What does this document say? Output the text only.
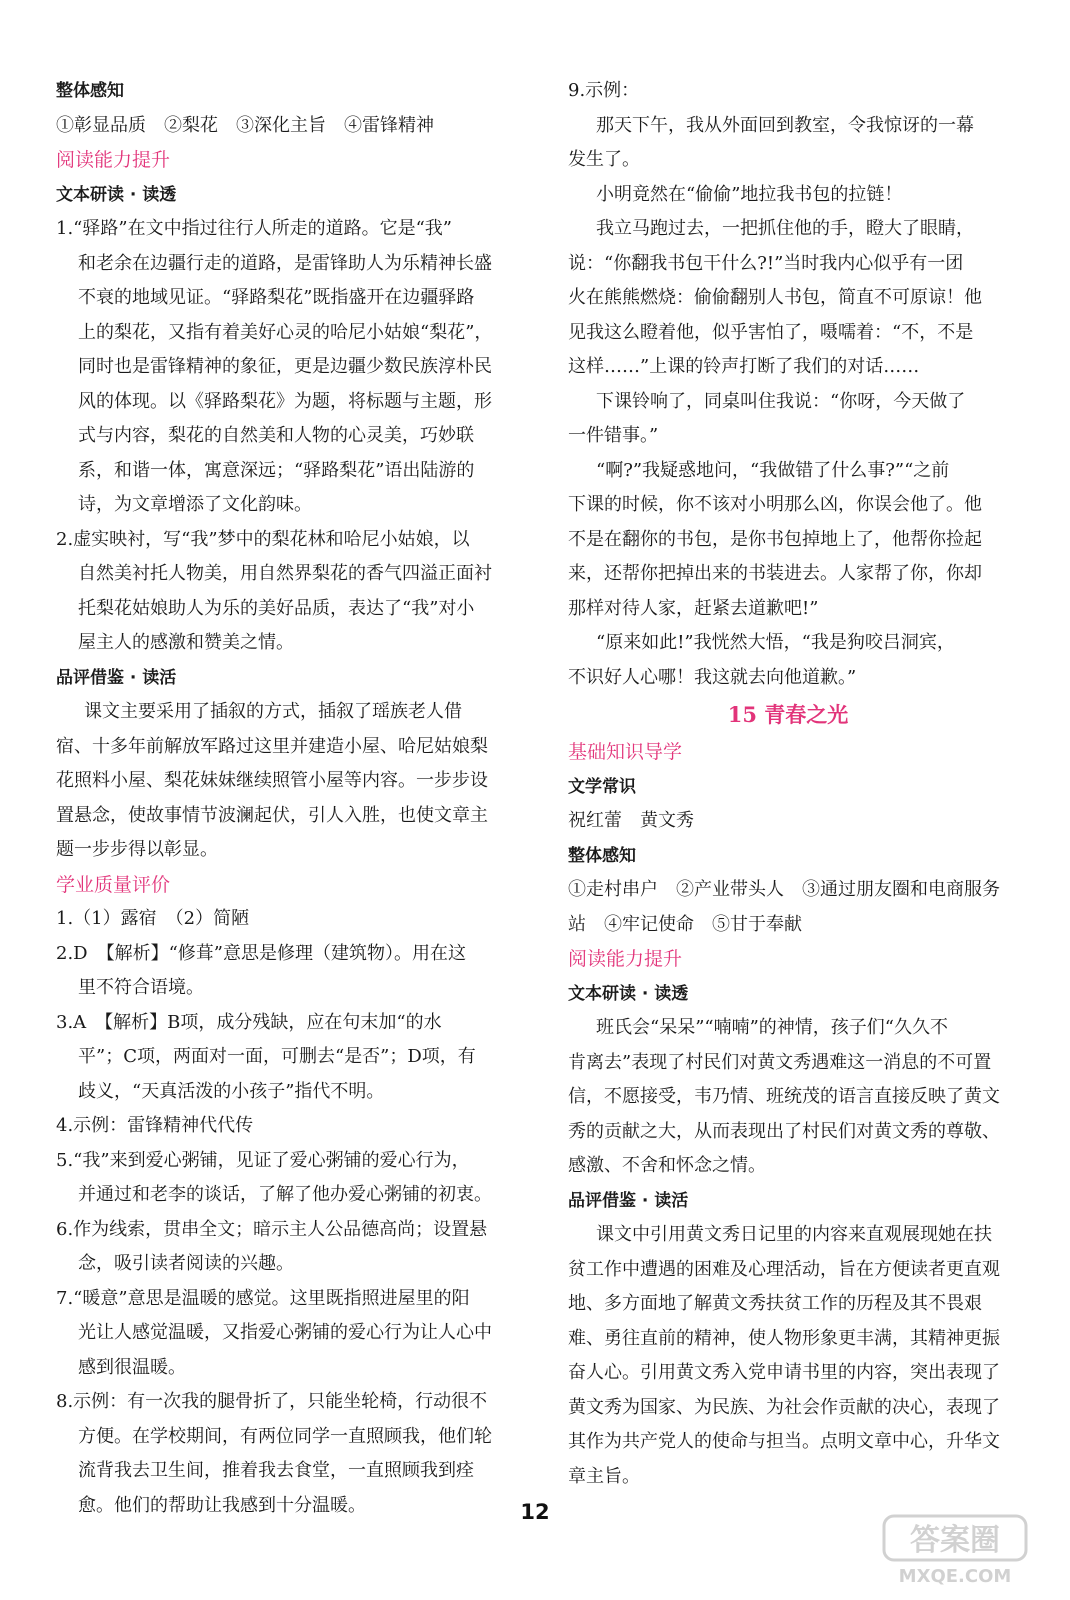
整体感知
①彰显品质　②梨花　③深化主旨　④雷锋精神
阅读能力提升
文本研读 · 读透
1.“驿路”在文中指过往行人所走的道路。它是“我”
和老余在边疆行走的道路，是雷锋助人为乐精神长盛
不衰的地域见证。“驿路梨花”既指盛开在边疆驿路
上的梨花，又指有着美好心灵的哈尼小姑娘“梨花”，
同时也是雷锋精神的象征，更是边疆少数民族淳朴民
风的体现。以《驿路梨花》为题，将标题与主题，形
式与内容，梨花的自然美和人物的心灵美，巧妙联
系，和谐一体，寓意深远；“驿路梨花”语出陆游的
诗，为文章增添了文化韵味。
2.虚实映衬，写“我”梦中的梨花林和哈尼小姑娘，以
自然美衬托人物美，用自然界梨花的香气四溢正面衬
托梨花姑娘助人为乐的美好品质，表达了“我”对小
屋主人的感激和赞美之情。
品评借鉴 · 读活
课文主要采用了插叙的方式，插叙了瑶族老人借
宿、十多年前解放军路过这里并建造小屋、哈尼姑娘梨
花照料小屋、梨花妹妹继续照管小屋等内容。一步步设
置悬念，使故事情节波澜起伏，引人入胜，也使文章主
题一步步得以彰显。
学业质量评价
1.（1）露宿　（2）简陋
2.D　【解析】“修葺”意思是修理（建筑物）。用在这
里不符合语境。
3.A　【解析】B项，成分残缺，应在句末加“的水
平”；C项，两面对一面，可删去“是否”；D项，有
歧义，“天真活泼的小孩子”指代不明。
4.示例：雷锋精神代代传
5.“我”来到爱心粥铺，见证了爱心粥铺的爱心行为，
并通过和老李的谈话，了解了他办爱心粥铺的初衷。
6.作为线索，贯串全文；暗示主人公品德高尚；设置悬
念，吸引读者阅读的兴趣。
7.“暖意”意思是温暖的感觉。这里既指照进屋里的阳
光让人感觉温暖，又指爱心粥铺的爱心行为让人心中
感到很温暖。
8.示例：有一次我的腿骨折了，只能坐轮椅，行动很不
方便。在学校期间，有两位同学一直照顾我，他们轮
流背我去卫生间，推着我去食堂，一直照顾我到痊
愈。他们的帮助让我感到十分温暖。
9.示例：
那天下午，我从外面回到教室，令我惊讶的一幕
发生了。
小明竟然在“偷偷”地拉我书包的拉链！
我立马跑过去，一把抓住他的手，瞪大了眼睛，
说：“你翻我书包干什么?!”当时我内心似乎有一团
火在熊熊燃烧：偷偷翻别人书包，简直不可原谅！他
见我这么瞪着他，似乎害怕了，嗫嚅着：“不，不是
这样……”上课的铃声打断了我们的对话……
下课铃响了，同桌叫住我说：“你呀，今天做了
一件错事。”
“啊?”我疑惑地问，“我做错了什么事?”“之前
下课的时候，你不该对小明那么凶，你误会他了。他
不是在翻你的书包，是你书包掉地上了，他帮你捡起
来，还帮你把掉出来的书装进去。人家帮了你，你却
那样对待人家，赶紧去道歉吧!”
“原来如此!”我恍然大悟，“我是狗咬吕洞宾，
不识好人心哪！我这就去向他道歉。”
15 青春之光
基础知识导学
文学常识
祝红蕾　黄文秀
整体感知
①走村串户　②产业带头人　③通过朋友圈和电商服务
站　④牢记使命　⑤甘于奉献
阅读能力提升
文本研读 · 读透
班氏会“呆呆”“喃喃”的神情，孩子们“久久不
肯离去”表现了村民们对黄文秀遇难这一消息的不可置
信，不愿接受，韦乃情、班统茂的语言直接反映了黄文
秀的贡献之大，从而表现出了村民们对黄文秀的尊敬、
感激、不舍和怀念之情。
品评借鉴 · 读活
课文中引用黄文秀日记里的内容来直观展现她在扶
贫工作中遭遇的困难及心理活动，旨在方便读者更直观
地、多方面地了解黄文秀扶贫工作的历程及其不畏艰
难、勇往直前的精神，使人物形象更丰满，其精神更振
奋人心。引用黄文秀入党申请书里的内容，突出表现了
黄文秀为国家、为民族、为社会作贡献的决心，表现了
其作为共产党人的使命与担当。点明文章中心，升华文
章主旨。
12
答案圈
MXQE.COM
